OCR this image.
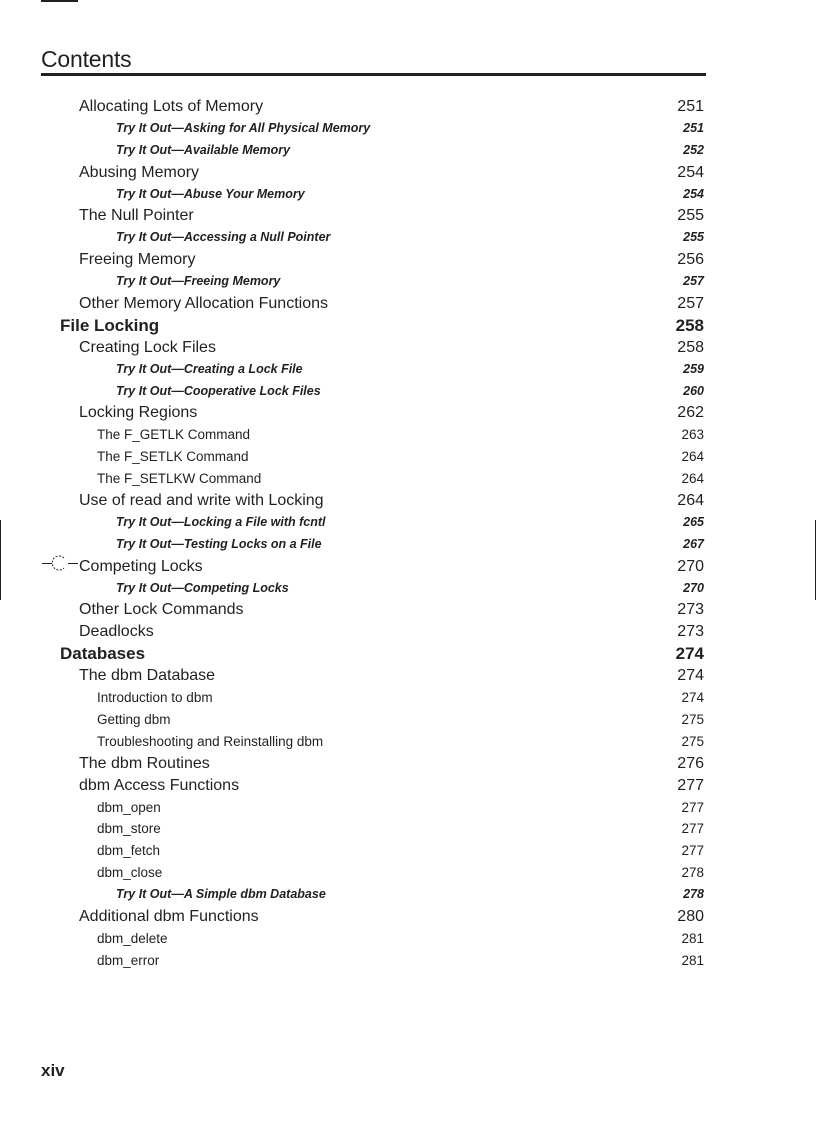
Contents
Allocating Lots of Memory	251
Try It Out—Asking for All Physical Memory	251
Try It Out—Available Memory	252
Abusing Memory	254
Try It Out—Abuse Your Memory	254
The Null Pointer	255
Try It Out—Accessing a Null Pointer	255
Freeing Memory	256
Try It Out—Freeing Memory	257
Other Memory Allocation Functions	257
File Locking	258
Creating Lock Files	258
Try It Out—Creating a Lock File	259
Try It Out—Cooperative Lock Files	260
Locking Regions	262
The F_GETLK Command	263
The F_SETLK Command	264
The F_SETLKW Command	264
Use of read and write with Locking	264
Try It Out—Locking a File with fcntl	265
Try It Out—Testing Locks on a File	267
Competing Locks	270
Try It Out—Competing Locks	270
Other Lock Commands	273
Deadlocks	273
Databases	274
The dbm Database	274
Introduction to dbm	274
Getting dbm	275
Troubleshooting and Reinstalling dbm	275
The dbm Routines	276
dbm Access Functions	277
dbm_open	277
dbm_store	277
dbm_fetch	277
dbm_close	278
Try It Out—A Simple dbm Database	278
Additional dbm Functions	280
dbm_delete	281
dbm_error	281
xiv
